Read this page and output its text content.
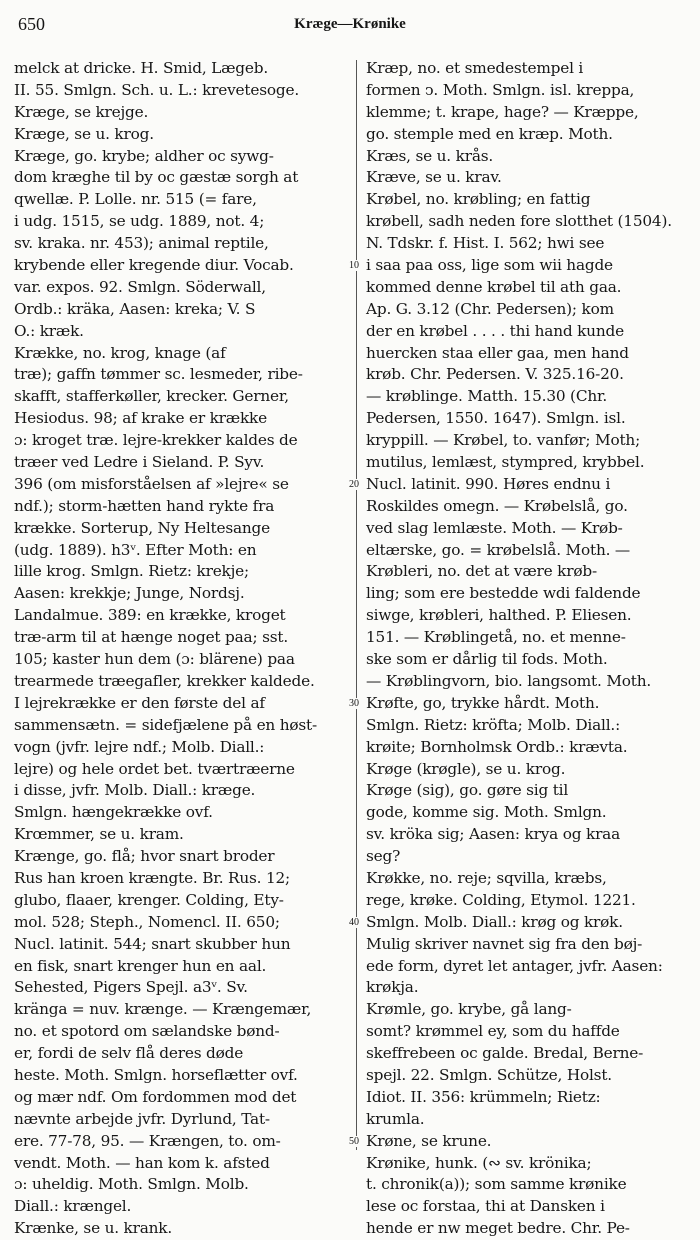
650	Kræge—Krønike
melck at dricke. H. Smid, Lægeb.
II. 55. Smlgn. Sch. u. L.: krevetesoge.
Kræge, se krejge.
Kræge, se u. krog.
Kræge, go. krybe; aldher oc sywg-
dom kræghe til by oc gæstæ sorgh at
qwellæ. P. Lolle. nr. 515 (= fare,
i udg. 1515, se udg. 1889, not. 4;
sv. kraka. nr. 453); animal reptile,
krybende eller kregende diur. Vocab.
var. expos. 92. Smlgn. Söderwall,
Ordb.: kräka, Aasen: kreka; V. S
O.: kræk.
Krække, no. krog, knage (af
træ); gaffn tømmer sc. lesmeder, ribe-
skafft, stafferkøller, krecker. Gerner,
Hesiodus. 98; af krake er krække
ɔ: kroget træ. lejre-krekker kaldes de
træer ved Ledre i Sieland. P. Syv.
396 (om misforståelsen af »lejre« se
ndf.); storm-hætten hand rykte fra
krække. Sorterup, Ny Heltesange
(udg. 1889). h3ᵛ. Efter Moth: en
lille krog. Smlgn. Rietz: krekje;
Aasen: krekkje; Junge, Nordsj.
Landalmue. 389: en krække, kroget
træ-arm til at hænge noget paa; sst.
105; kaster hun dem (ɔ: blärene) paa
trearmede træegafler, krekker kaldede.
I lejrekrække er den første del af
sammensætn. = sidefjælene på en høst-
vogn (jvfr. lejre ndf.; Molb. Diall.:
lejre) og hele ordet bet. tværtræerne
i disse, jvfr. Molb. Diall.: kræge.
Smlgn. hængekrække ovf.
Krœmmer, se u. kram.
Krænge, go. flå; hvor snart broder
Rus han kroen krængte. Br. Rus. 12;
glubo, flaaer, krenger. Colding, Ety-
mol. 528; Steph., Nomencl. II. 650;
Nucl. latinit. 544; snart skubber hun
en fisk, snart krenger hun en aal.
Sehested, Pigers Spejl. a3ᵛ. Sv.
kränga = nuv. krænge. — Krængemær,
no. et spotord om sælandske bønd-
er, fordi de selv flå deres døde
heste. Moth. Smlgn. horseflætter ovf.
og mær ndf. Om fordommen mod det
nævnte arbejde jvfr. Dyrlund, Tat-
ere. 77-78, 95. — Krængen, to. om-
vendt. Moth. — han kom k. afsted
ɔ: uheldig. Moth. Smlgn. Molb.
Diall.: krængel.
Krænke, se u. krank.
10
20
30
40
50
Kræp, no. et smedestempel i
formen ↄ. Moth. Smlgn. isl. kreppa,
klemme; t. krape, hage? — Kræppe,
go. stemple med en kræp. Moth.
Kræs, se u. krås.
Kræve, se u. krav.
Krøbel, no. krøbling; en fattig
krøbell, sadh neden fore slotthet (1504).
N. Tdskr. f. Hist. I. 562; hwi see
i saa paa oss, lige som wii hagde
kommed denne krøbel til ath gaa.
Ap. G. 3.12 (Chr. Pedersen); kom
der en krøbel . . . . thi hand kunde
huercken staa eller gaa, men hand
krøb. Chr. Pedersen. V. 325.16-20.
— krøblinge. Matth. 15.30 (Chr.
Pedersen, 1550. 1647). Smlgn. isl.
kryppill. — Krøbel, to. vanfør; Moth;
mutilus, lemlæst, stympred, krybbel.
Nucl. latinit. 990. Høres endnu i
Roskildes omegn. — Krøbelslå, go.
ved slag lemlæste. Moth. — Krøb-
eltærske, go. = krøbelslå. Moth. —
Krøbleri, no. det at være krøb-
ling; som ere bestedde wdi faldende
siwge, krøbleri, halthed. P. Eliesen.
151. — Krøblingetå, no. et menne-
ske som er dårlig til fods. Moth.
— Krøblingvorn, bio. langsomt. Moth.
Krøfte, go, trykke hårdt. Moth.
Smlgn. Rietz: kröfta; Molb. Diall.:
krøite; Bornholmsk Ordb.: krævta.
Krøge (krøgle), se u. krog.
Krøge (sig), go. gøre sig til
gode, komme sig. Moth. Smlgn.
sv. kröka sig; Aasen: krya og kraa
seg?
Krøkke, no. reje; sqvilla, kræbs,
rege, krøke. Colding, Etymol. 1221.
Smlgn. Molb. Diall.: krøg og krøk.
Mulig skriver navnet sig fra den bøj-
ede form, dyret let antager, jvfr. Aasen:
krøkja.
Krømle, go. krybe, gå lang-
somt? krømmel ey, som du haffde
skeffrebeen oc galde. Bredal, Berne-
spejl. 22. Smlgn. Schütze, Holst.
Idiot. II. 356: krümmeln; Rietz:
krumla.
Krøne, se krune.
Krønike, hunk. (∾ sv. krönika;
t. chronik(a)); som samme krønike
lese oc forstaa, thi at Dansken i
hende er nw meget bedre. Chr. Pe-
